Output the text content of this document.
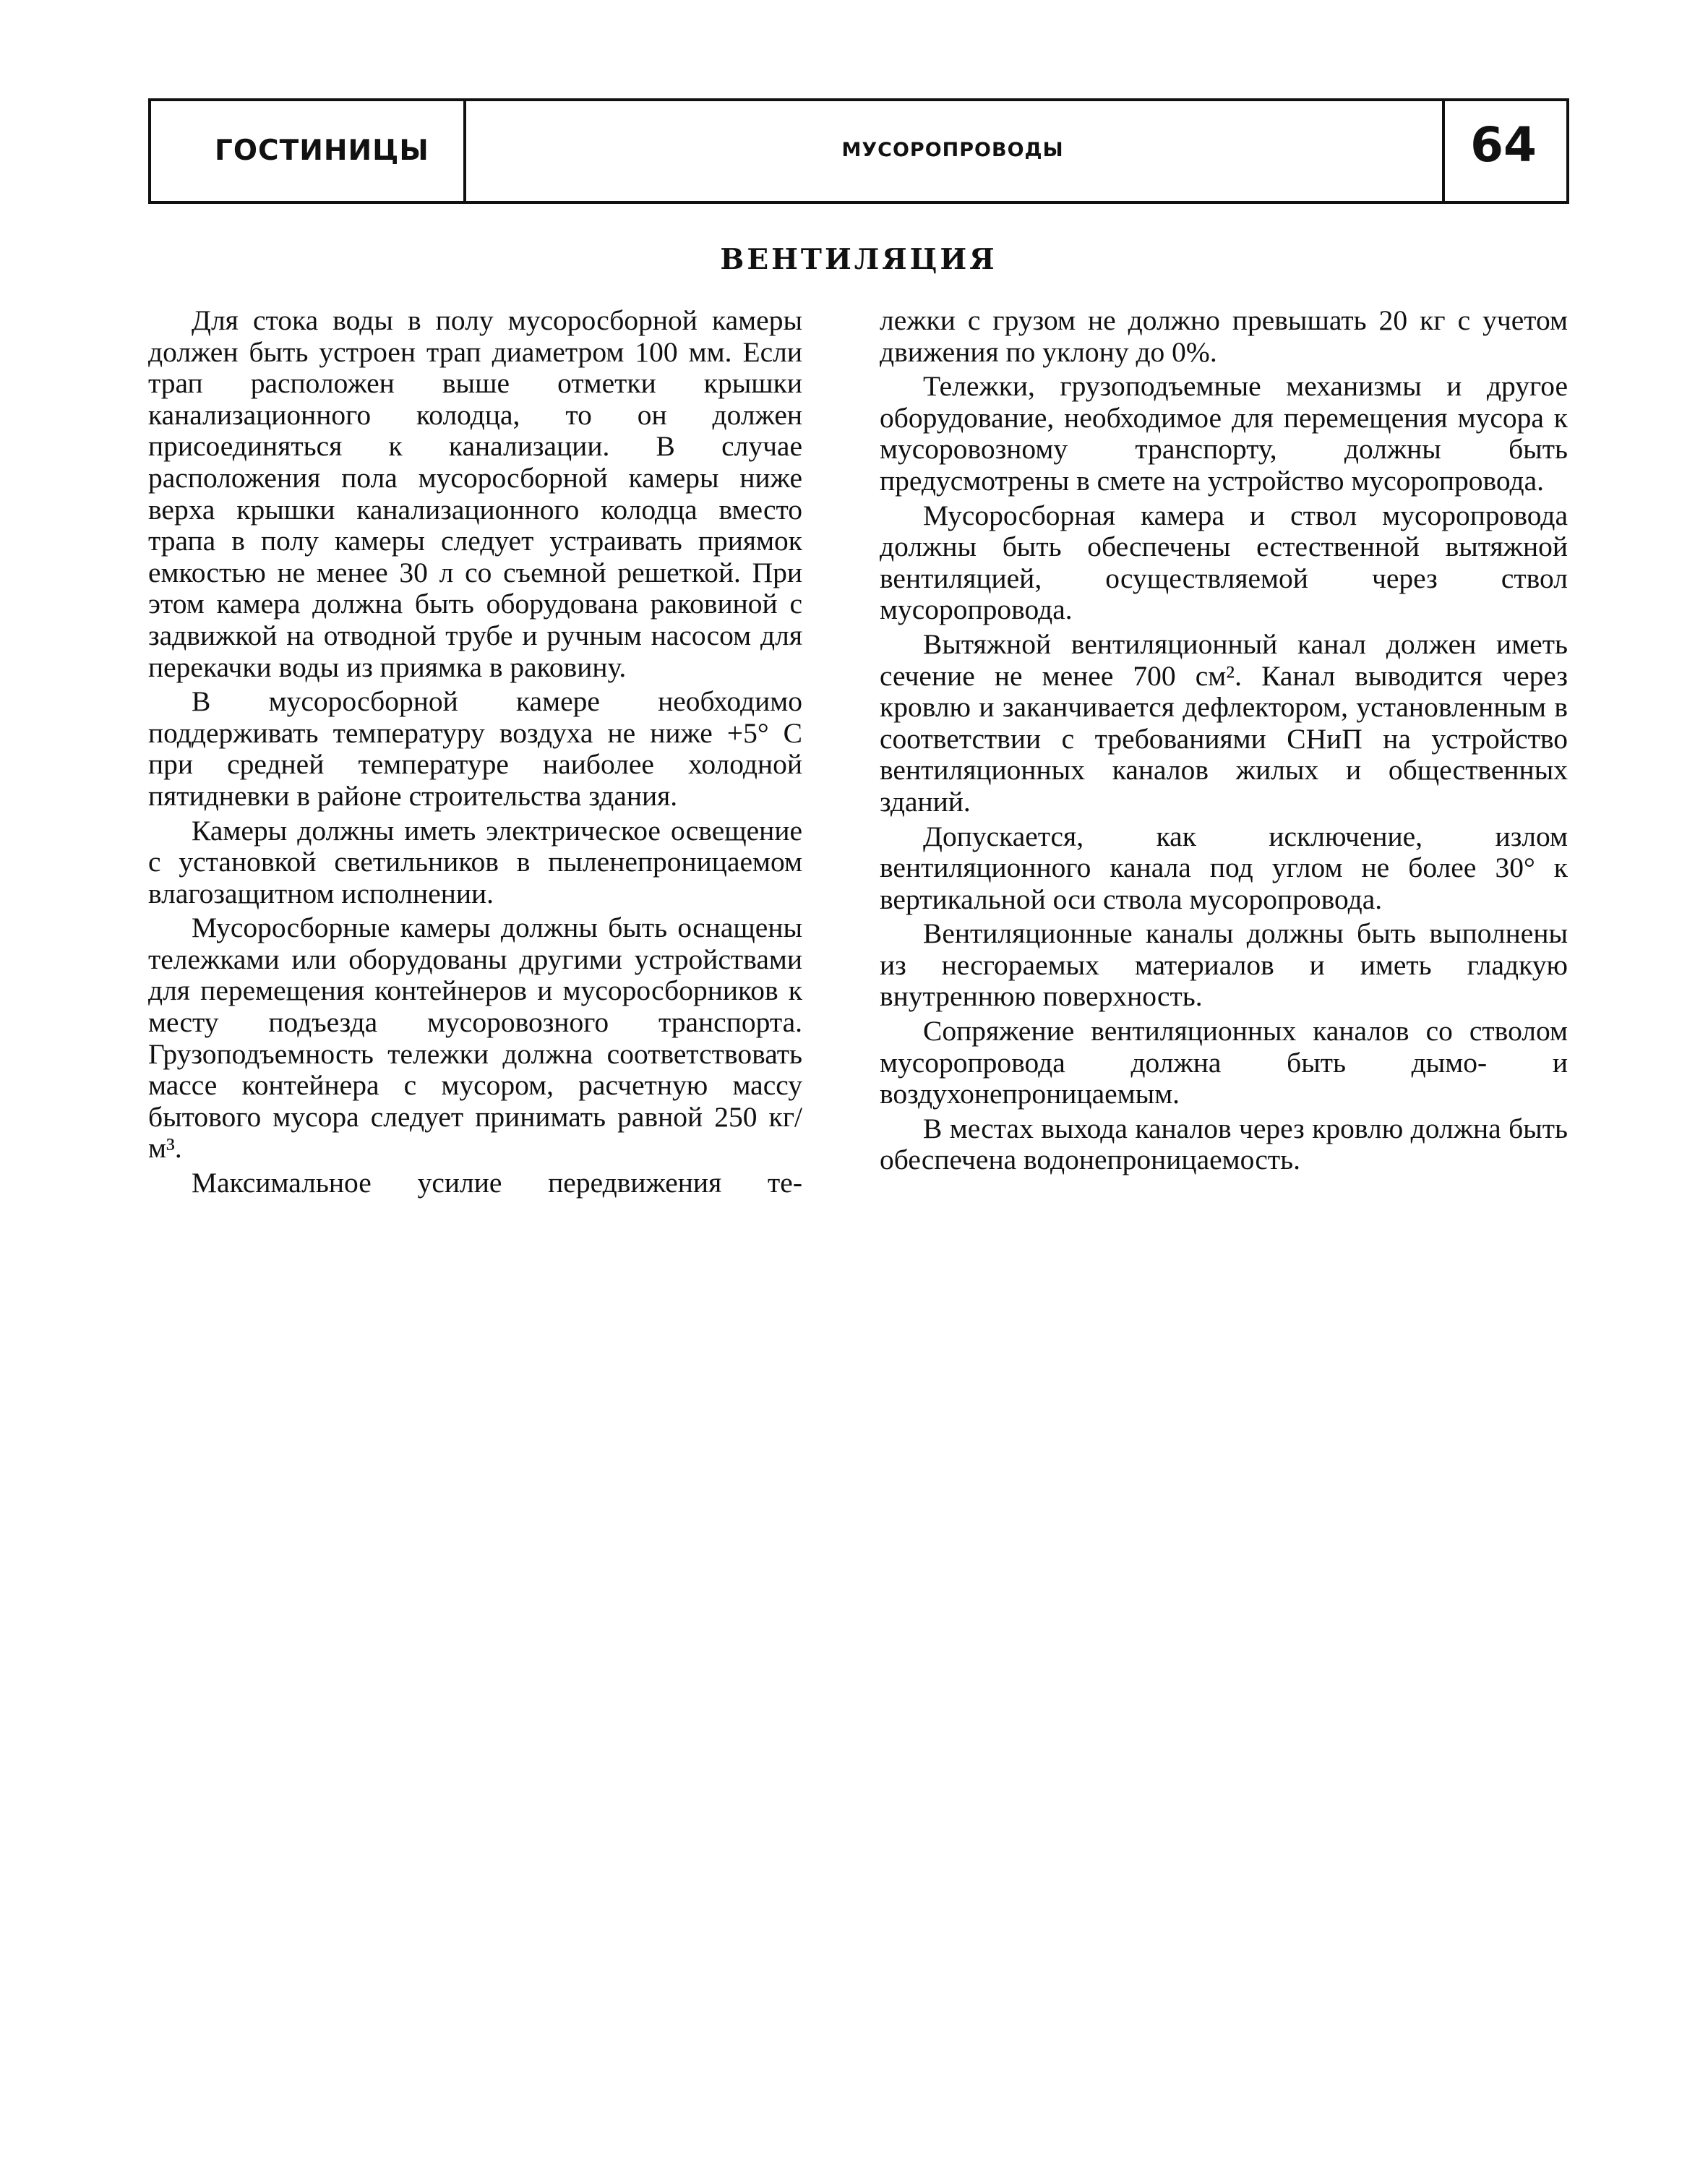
ГОСТИНИЦЫ	МУСОРОПРОВОДЫ	64
ВЕНТИЛЯЦИЯ

Для стока воды в полу мусоросборной камеры должен быть устроен трап диаметром 100 мм. Если трап расположен выше отметки крышки канализационного колодца, то он должен присоединяться к канализации. В случае расположения пола мусоросборной камеры ниже верха крышки канализационного колодца вместо трапа в полу камеры следует устраивать приямок емкостью не менее 30 л со съемной решеткой. При этом камера должна быть оборудована раковиной с задвижкой на отводной трубе и ручным насосом для перекачки воды из приямка в раковину.

В мусоросборной камере необходимо поддерживать температуру воздуха не ниже +5° С при средней температуре наиболее холодной пятидневки в районе строительства здания.

Камеры должны иметь электрическое освещение с установкой светильников в пыленепроницаемом влагозащитном исполнении.

Мусоросборные камеры должны быть оснащены тележками или оборудованы другими устройствами для перемещения контейнеров и мусоросборников к месту подъезда мусоровозного транспорта. Грузоподъемность тележки должна соответствовать массе контейнера с мусором, расчетную массу бытового мусора следует принимать равной 250 кг/м³.

Максимальное усилие передвижения те-

лежки с грузом не должно превышать 20 кг с учетом движения по уклону до 0%.

Тележки, грузоподъемные механизмы и другое оборудование, необходимое для перемещения мусора к мусоровозному транспорту, должны быть предусмотрены в смете на устройство мусоропровода.

Мусоросборная камера и ствол мусоропровода должны быть обеспечены естественной вытяжной вентиляцией, осуществляемой через ствол мусоропровода.

Вытяжной вентиляционный канал должен иметь сечение не менее 700 см². Канал выводится через кровлю и заканчивается дефлектором, установленным в соответствии с требованиями СНиП на устройство вентиляционных каналов жилых и общественных зданий.

Допускается, как исключение, излом вентиляционного канала под углом не более 30° к вертикальной оси ствола мусоропровода.

Вентиляционные каналы должны быть выполнены из несгораемых материалов и иметь гладкую внутреннюю поверхность.

Сопряжение вентиляционных каналов со стволом мусоропровода должна быть дымо- и воздухонепроницаемым.

В местах выхода каналов через кровлю должна быть обеспечена водонепроницаемость.
